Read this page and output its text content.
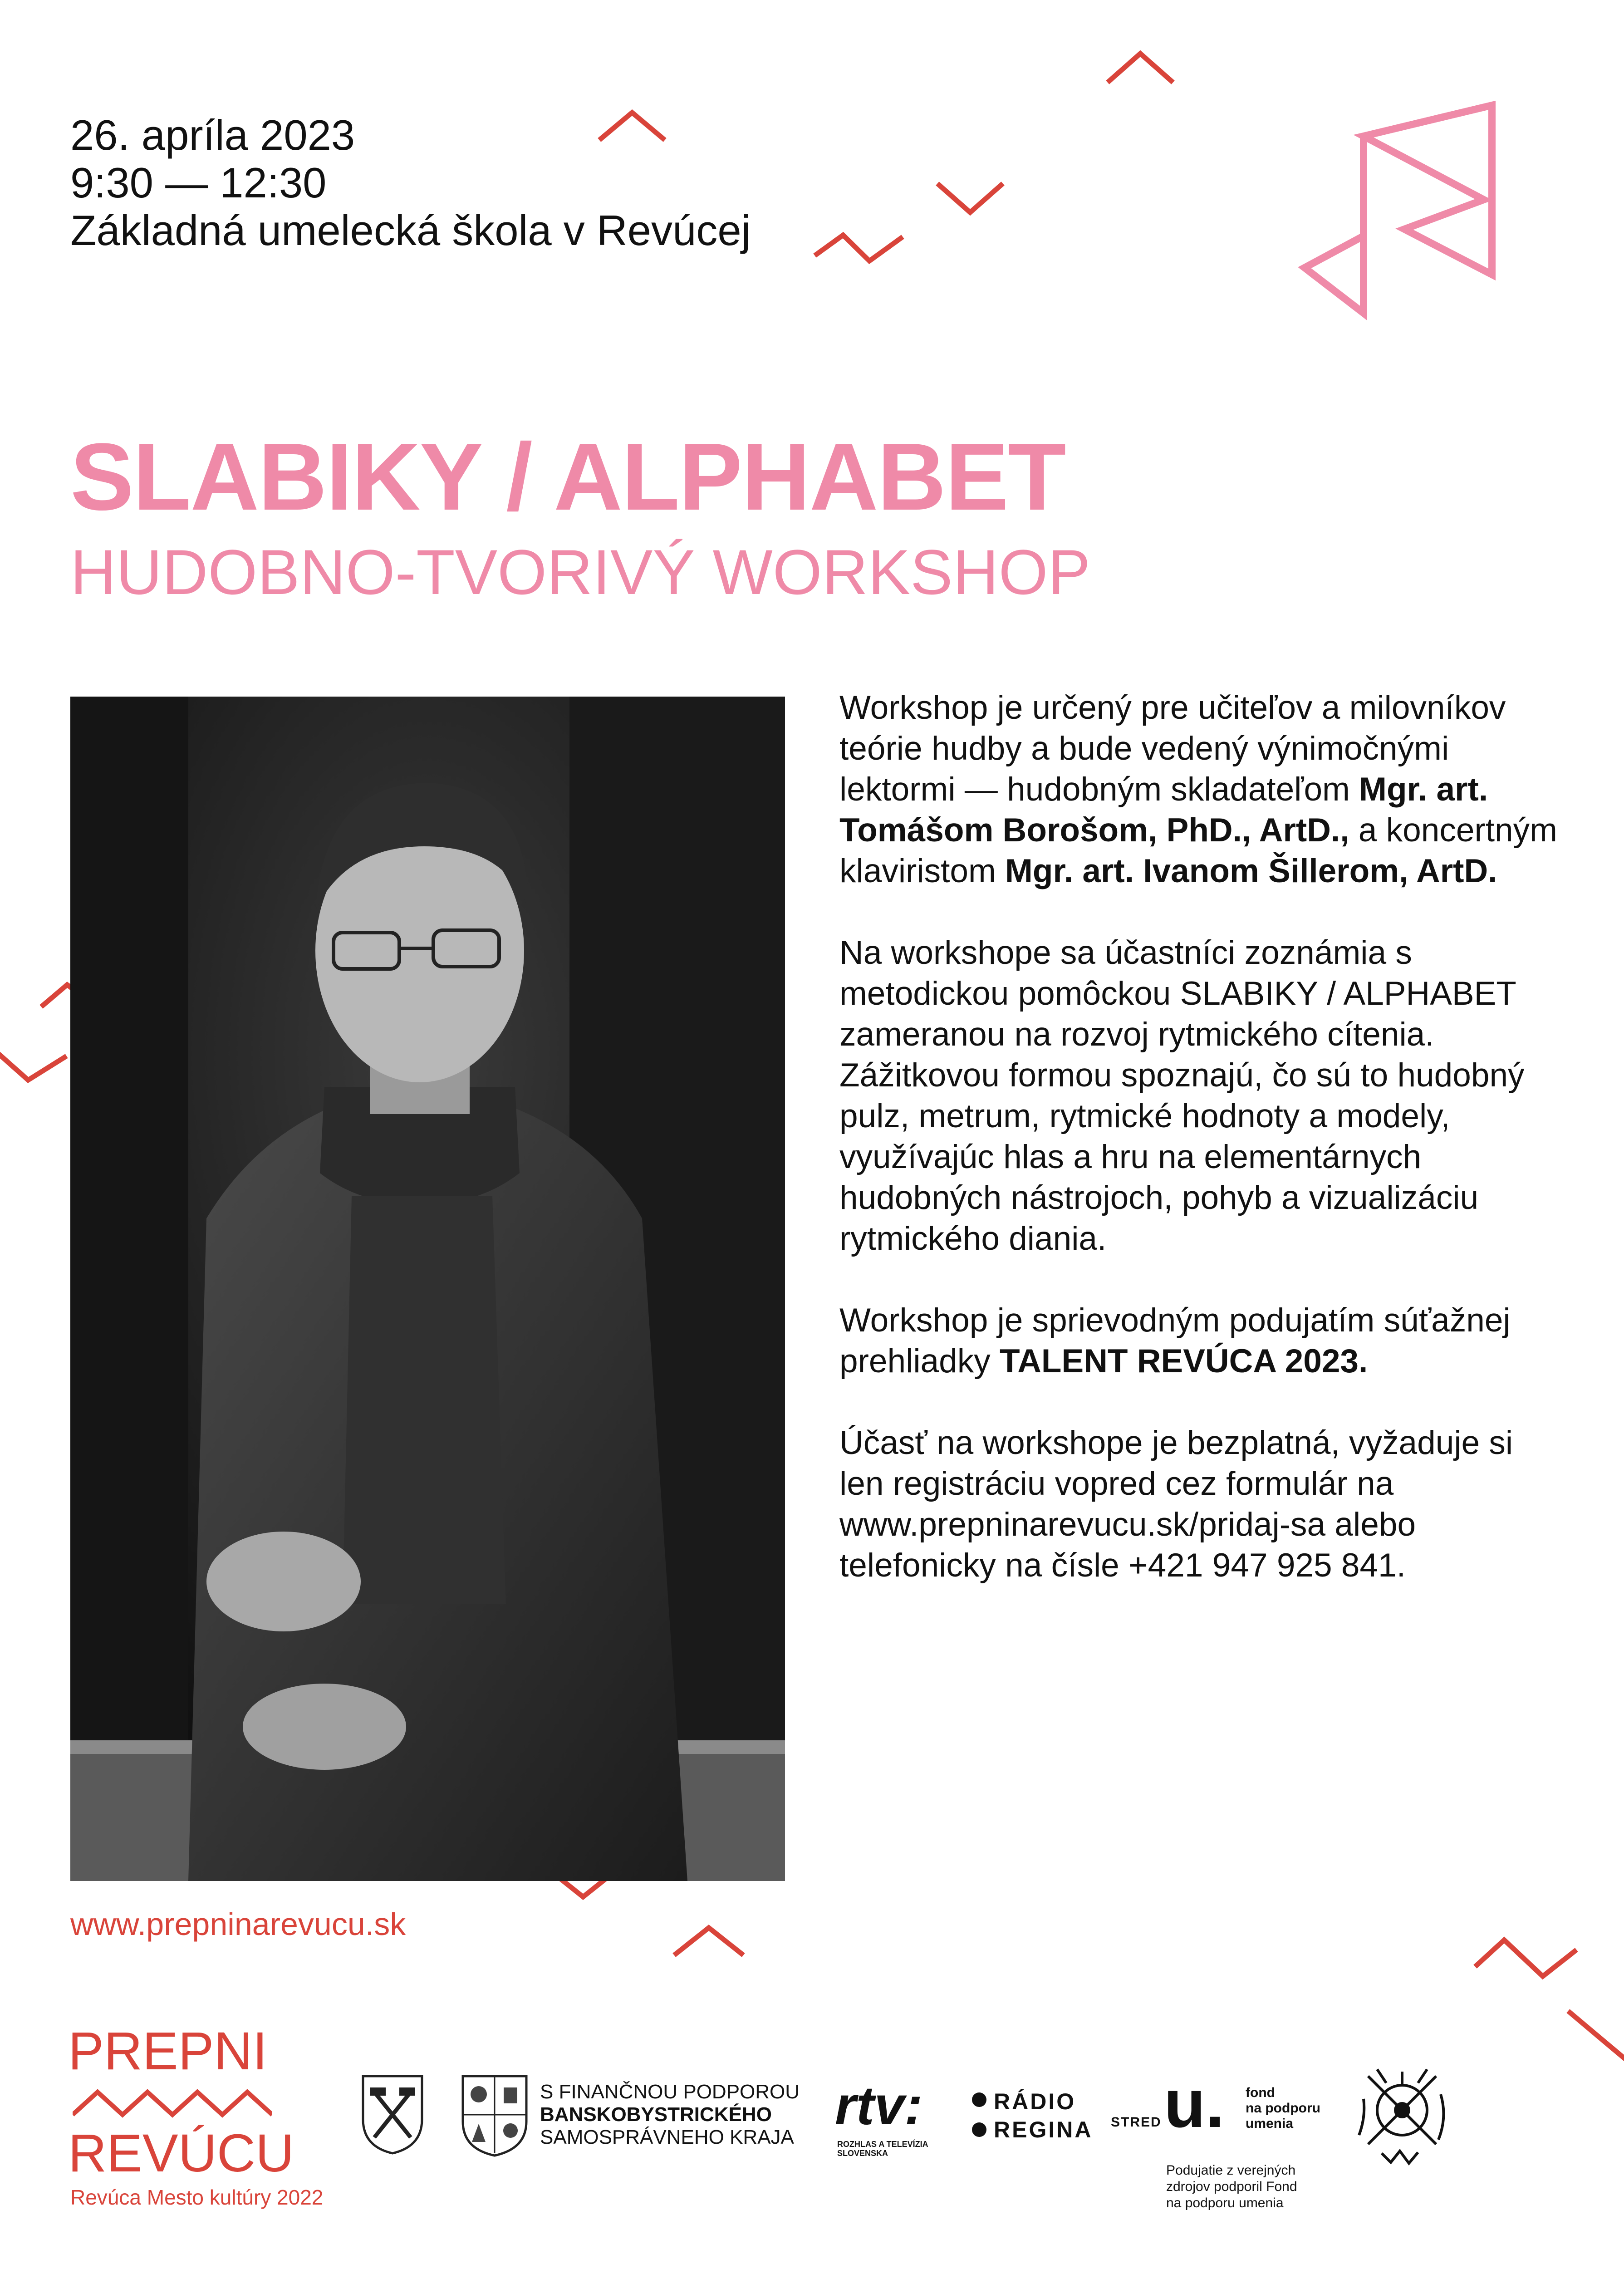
26. apríla 2023
9:30 — 12:30
Základná umelecká škola v Revúcej
SLABIKY / ALPHABET
HUDOBNO-TVORIVÝ WORKSHOP

Workshop je určený pre učiteľov a milovníkov teórie hudby a bude vedený výnimočnými lektormi — hudobným skladateľom Mgr. art. Tomášom Borošom, PhD., ArtD., a koncertným klaviristom Mgr. art. Ivanom Šillerom, ArtD.

Na workshope sa účastníci zoznámia s metodickou pomôckou SLABIKY / ALPHABET zameranou na rozvoj rytmického cítenia. Zážitkovou formou spoznajú, čo sú to hudobný pulz, metrum, rytmické hodnoty a modely, využívajúc hlas a hru na elementárnych hudobných nástrojoch, pohyb a vizualizáciu rytmického diania.

Workshop je sprievodným podujatím súťažnej prehliadky TALENT REVÚCA 2023.

Účasť na workshope je bezplatná, vyžaduje si len registráciu vopred cez formulár na www.prepninarevucu.sk/pridaj-sa alebo telefonicky na čísle +421 947 925 841.

www.prepninarevucu.sk
PREPNI
REVÚCU
Revúca Mesto kultúry 2022
S FINANČNOU PODPOROU
BANSKOBYSTRICKÉHO
SAMOSPRÁVNEHO KRAJA
rtv:
ROZHLAS A TELEVÍZIA SLOVENSKA
RÁDIO
REGINA STRED u. fond
na podporu
umenia
Podujatie z verejných
zdrojov podporil Fond
na podporu umenia
